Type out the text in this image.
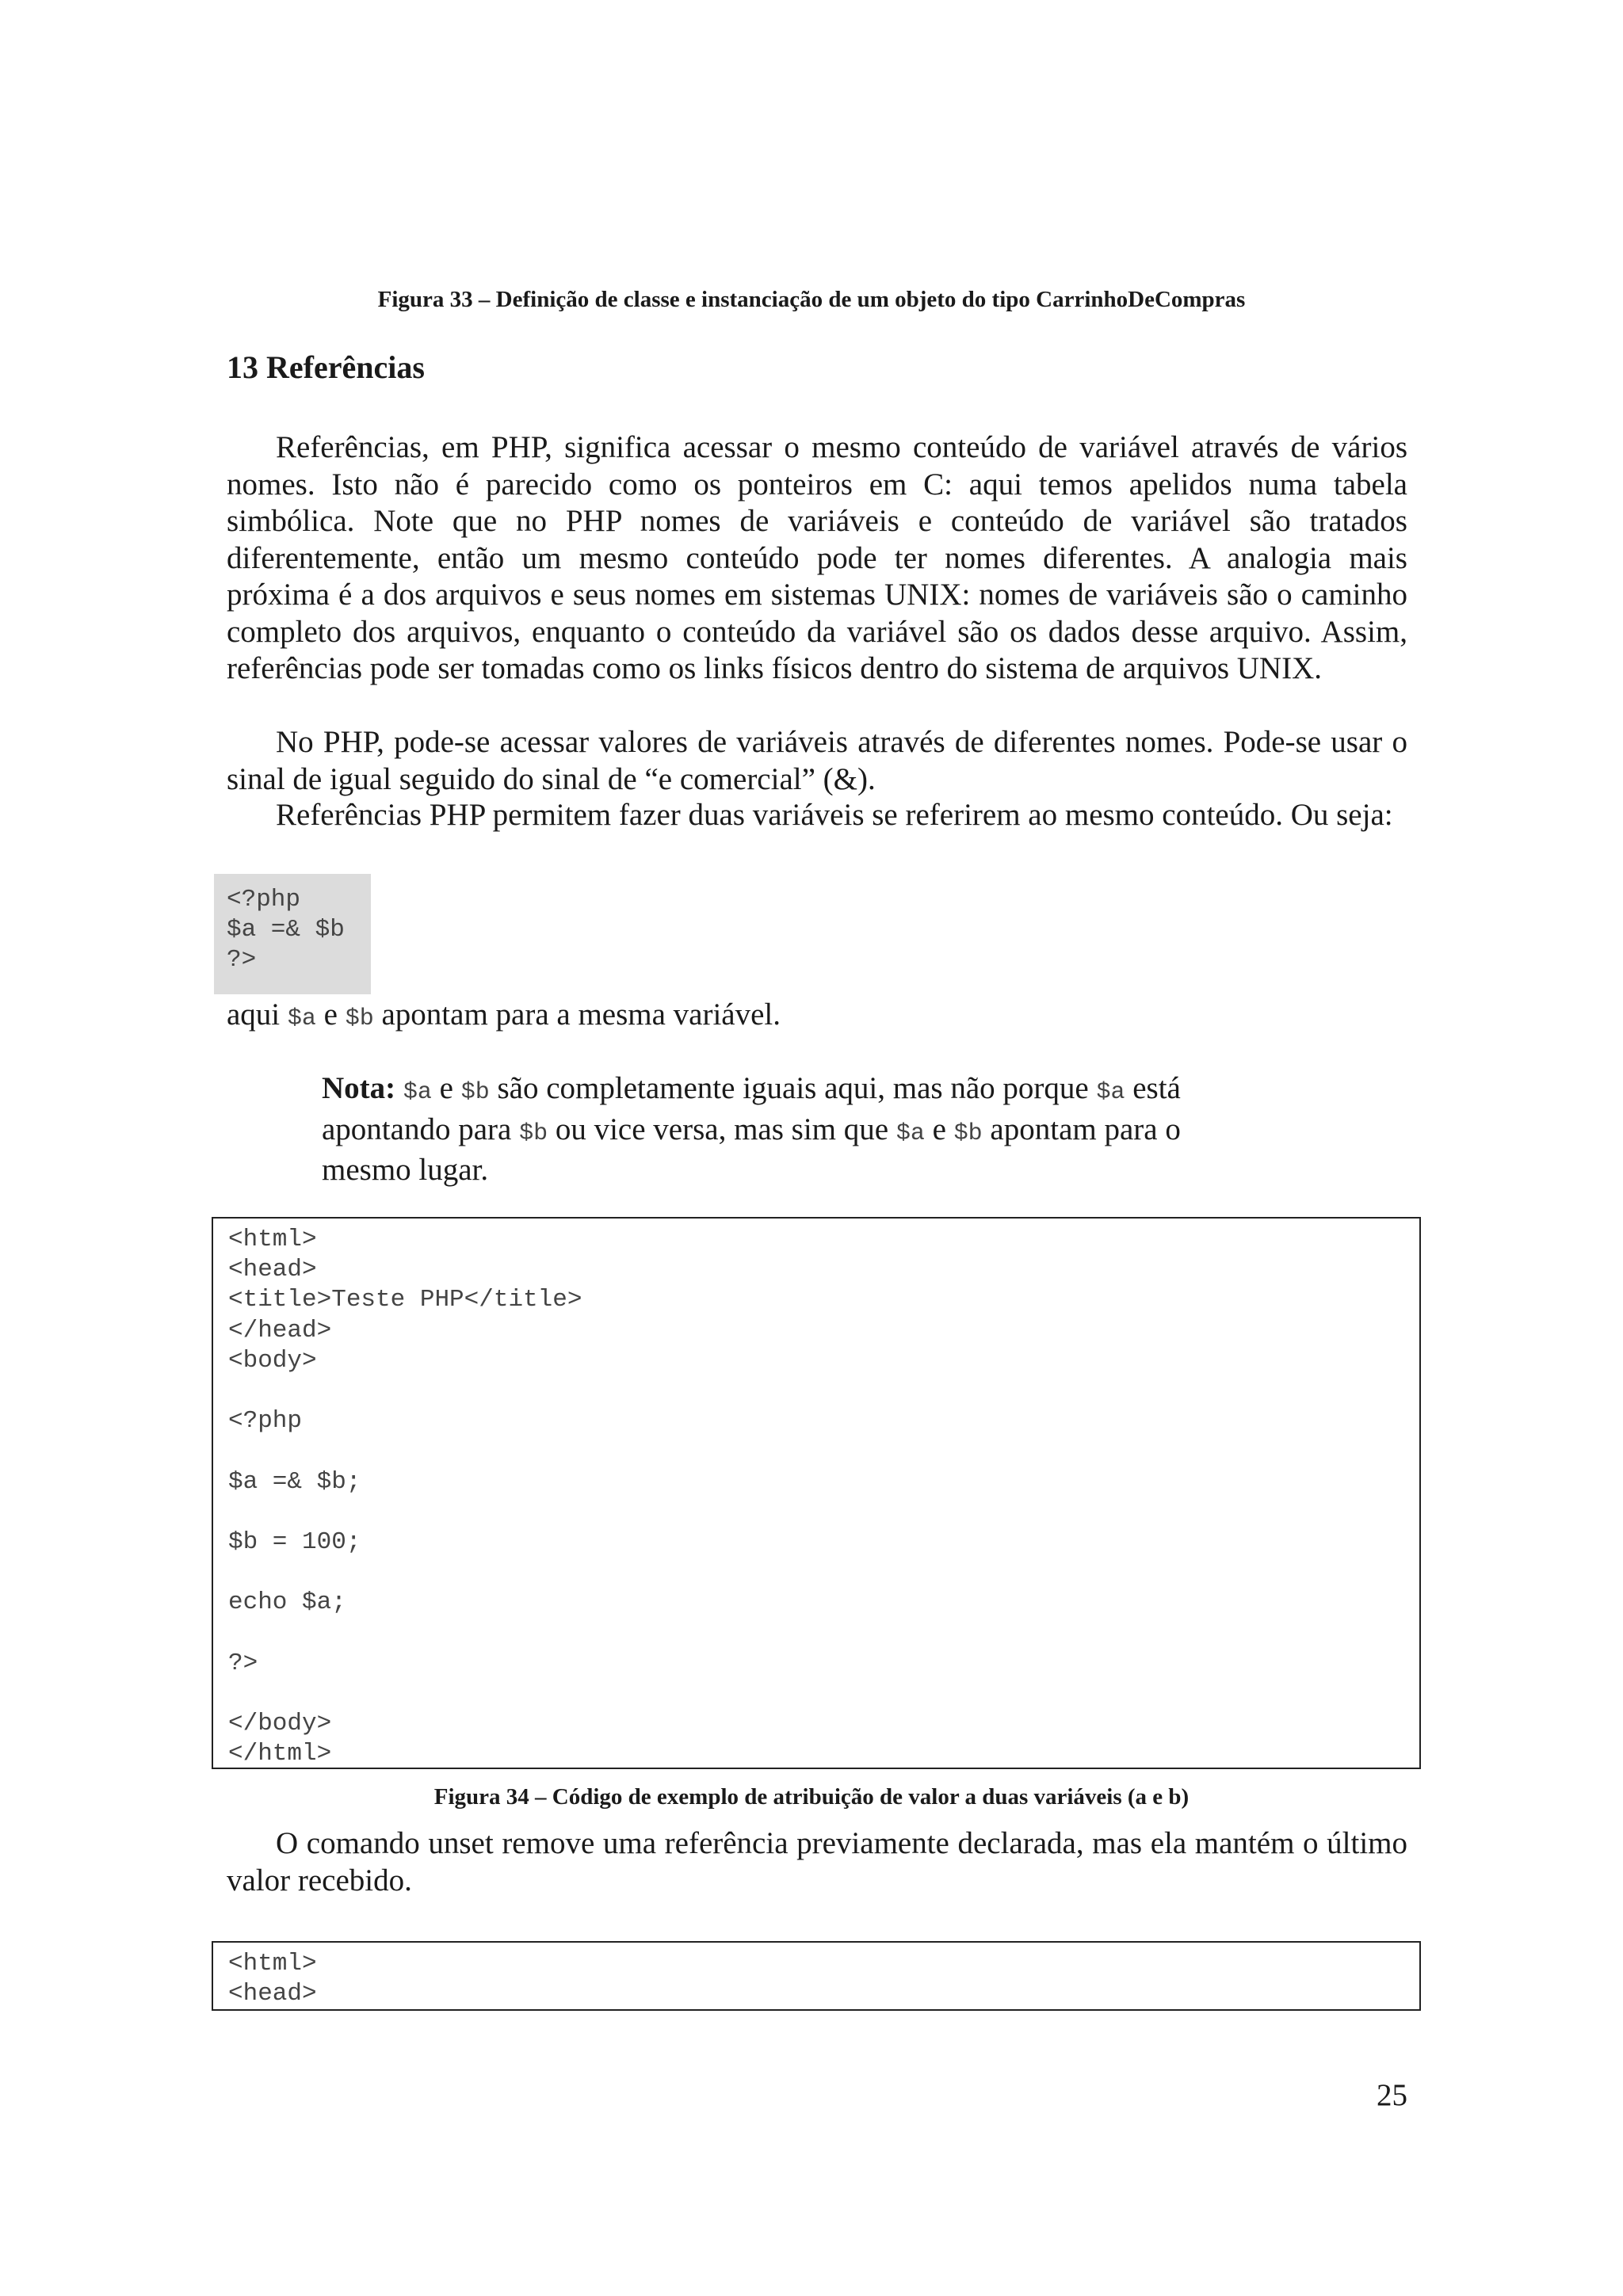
Figura 33 – Definição de classe e instanciação de um objeto do tipo CarrinhoDeCompras
13 Referências

Referências, em PHP, significa acessar o mesmo conteúdo de variável através de vários nomes. Isto não é parecido como os ponteiros em C: aqui temos apelidos numa tabela simbólica. Note que no PHP nomes de variáveis e conteúdo de variável são tratados diferentemente, então um mesmo conteúdo pode ter nomes diferentes. A analogia mais próxima é a dos arquivos e seus nomes em sistemas UNIX: nomes de variáveis são o caminho completo dos arquivos, enquanto o conteúdo da variável são os dados desse arquivo. Assim, referências pode ser tomadas como os links físicos dentro do sistema de arquivos UNIX.

No PHP, pode-se acessar valores de variáveis através de diferentes nomes. Pode-se usar o sinal de igual seguido do sinal de “e comercial” (&).

Referências PHP permitem fazer duas variáveis se referirem ao mesmo conteúdo. Ou seja:

<?php
$a =& $b
?>
aqui $a e $b apontam para a mesma variável.

Nota: $a e $b são completamente iguais aqui, mas não porque $a está apontando para $b ou vice versa, mas sim que $a e $b apontam para o mesmo lugar.

<html>
<head>
<title>Teste PHP</title>
</head>
<body>

<?php

$a =& $b;

$b = 100;

echo $a;

?>

</body>
</html>
Figura 34 – Código de exemplo de atribuição de valor a duas variáveis (a e b)

O comando unset remove uma referência previamente declarada, mas ela mantém o último valor recebido.

<html>
<head>
25
